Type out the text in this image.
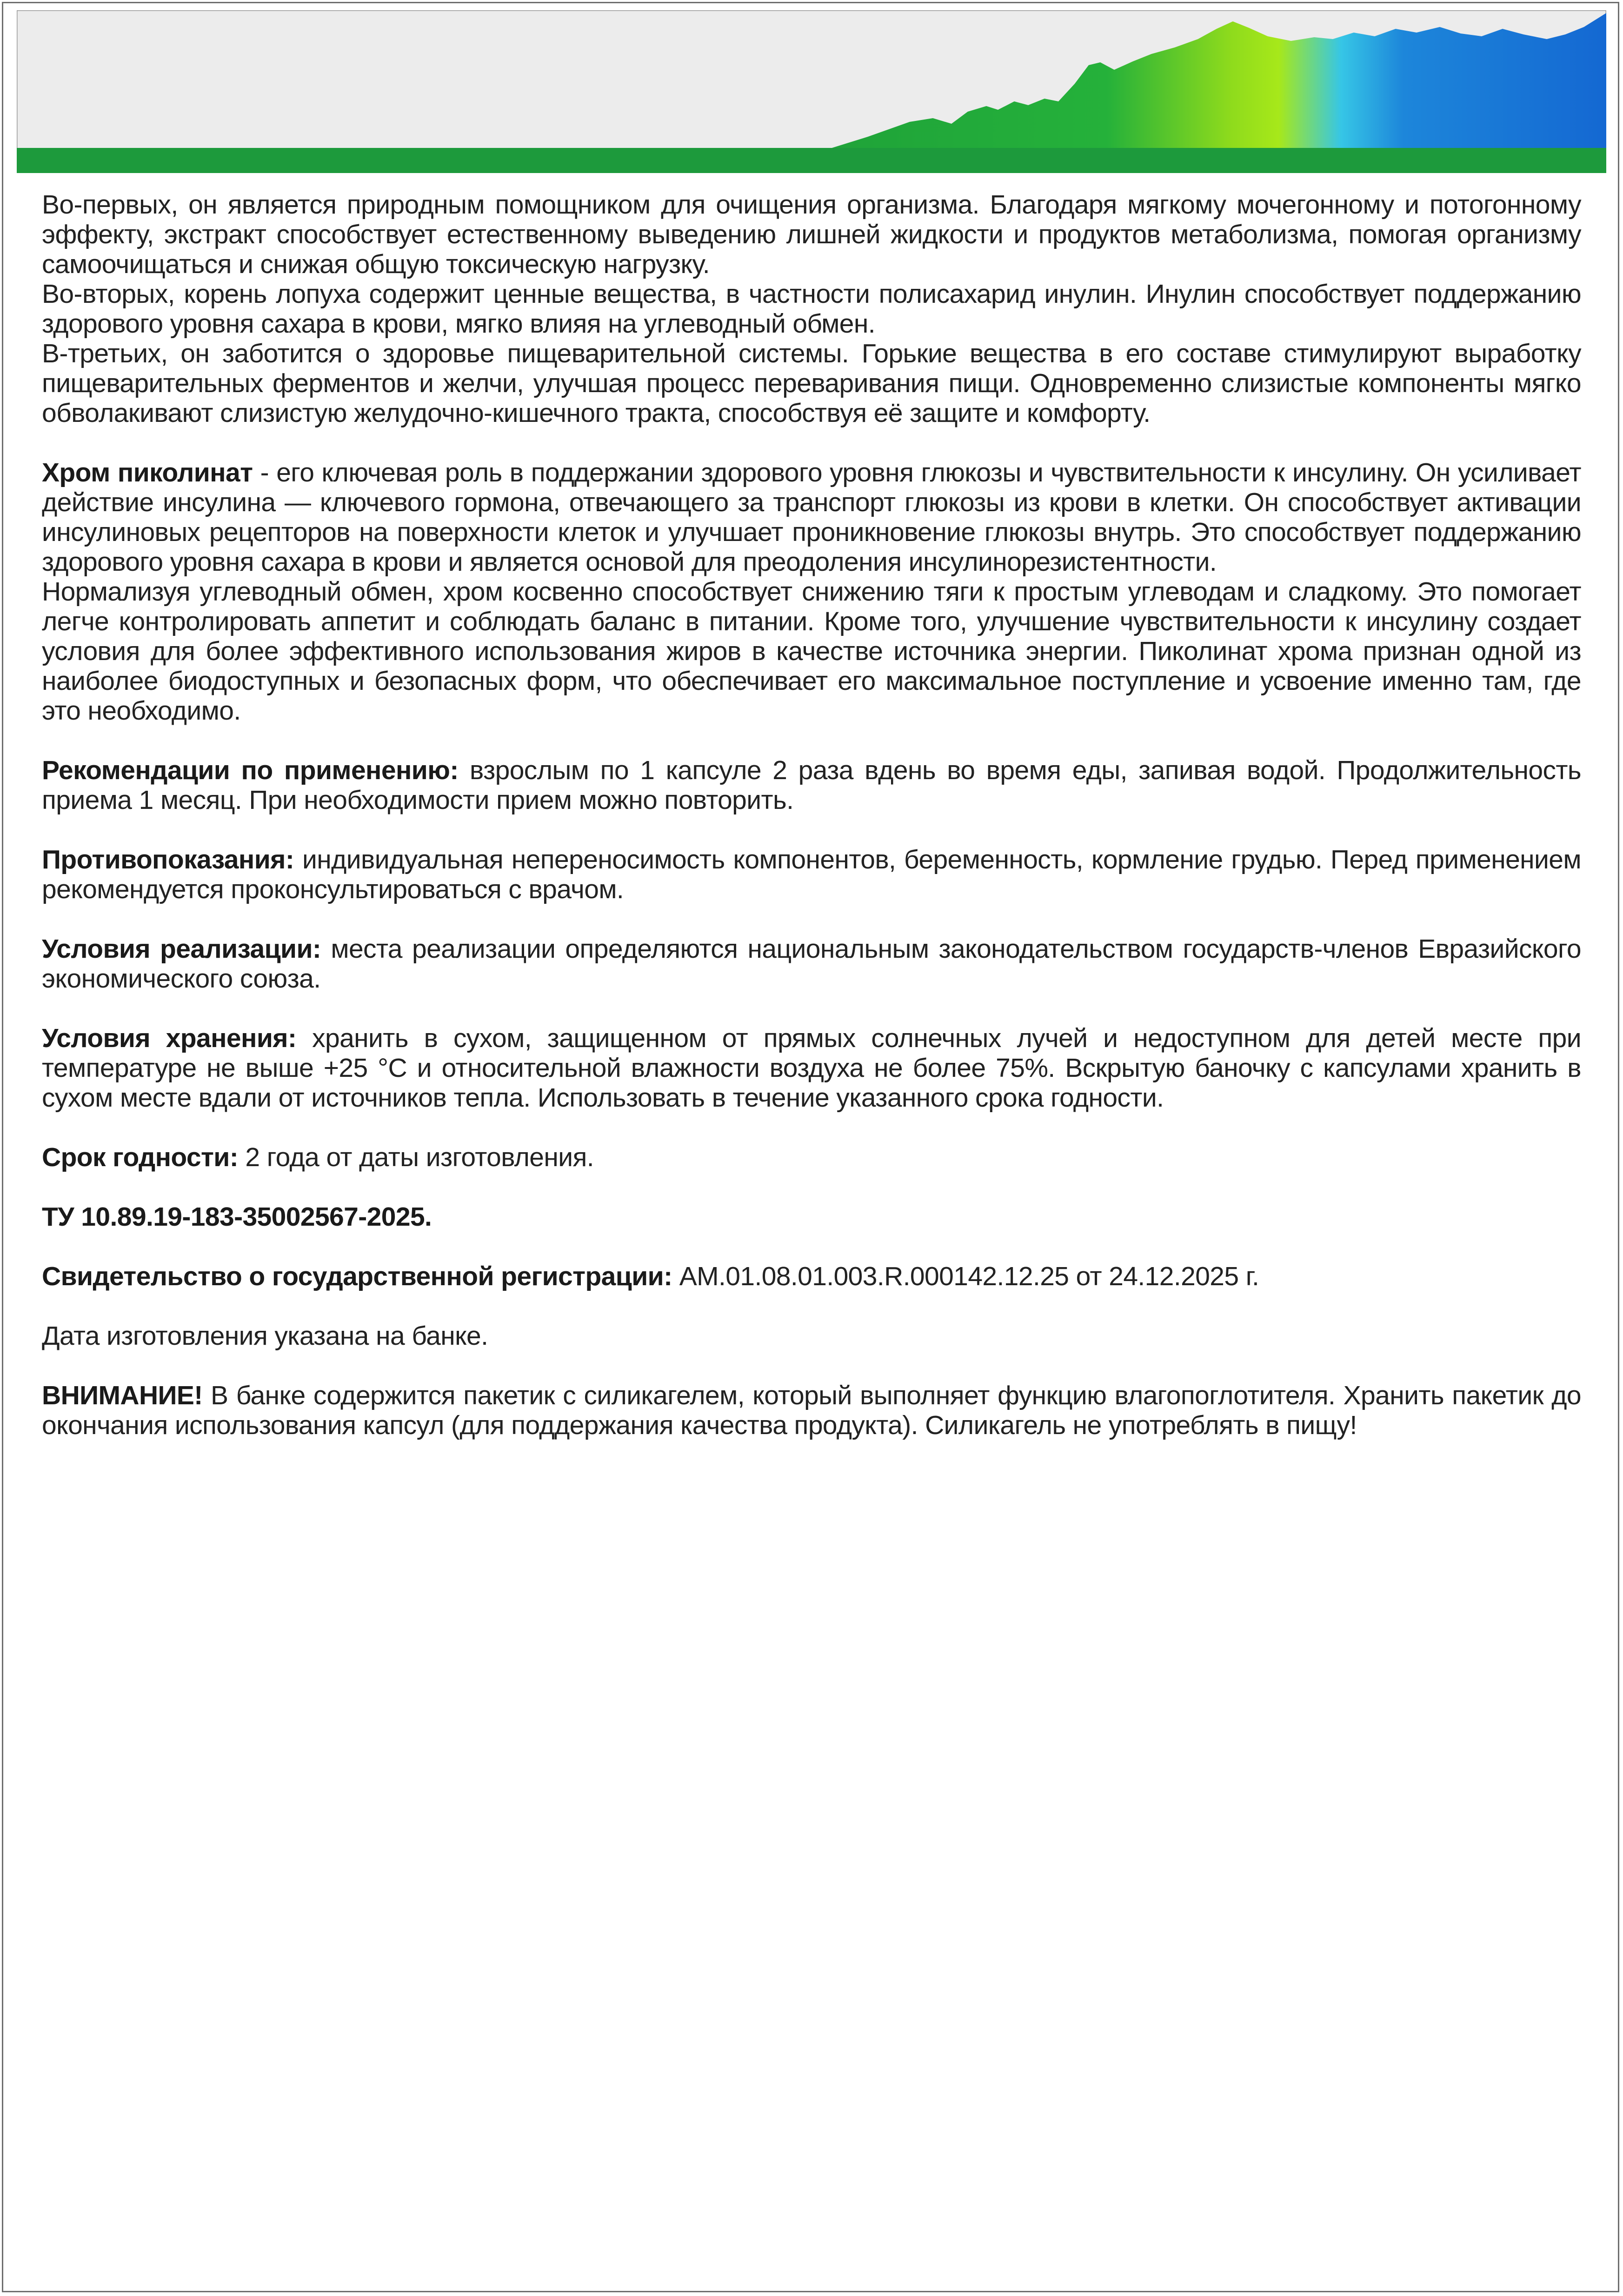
Во-первых, он является природным помощником для очищения организма. Благодаря мягкому мочегонному и потогонному эффекту, экстракт способствует естественному выведению лишней жидкости и продуктов метаболизма, помогая организму самоочищаться и снижая общую токсическую нагрузку.

Во-вторых, корень лопуха содержит ценные вещества, в частности полисахарид инулин. Инулин способствует поддержанию здорового уровня сахара в крови, мягко влияя на углеводный обмен.

В-третьих, он заботится о здоровье пищеварительной системы. Горькие вещества в его составе стимулируют выработку пищеварительных ферментов и желчи, улучшая процесс переваривания пищи. Одновременно слизистые компоненты мягко обволакивают слизистую желудочно-кишечного тракта, способствуя её защите и комфорту.

Хром пиколинат - его ключевая роль в поддержании здорового уровня глюкозы и чувствительности к инсулину. Он усиливает действие инсулина — ключевого гормона, отвечающего за транспорт глюкозы из крови в клетки. Он способствует активации инсулиновых рецепторов на поверхности клеток и улучшает проникновение глюкозы внутрь. Это способствует поддержанию здорового уровня сахара в крови и является основой для преодоления инсулинорезистентности.

Нормализуя углеводный обмен, хром косвенно способствует снижению тяги к простым углеводам и сладкому. Это помогает легче контролировать аппетит и соблюдать баланс в питании. Кроме того, улучшение чувствительности к инсулину создает условия для более эффективного использования жиров в качестве источника энергии. Пиколинат хрома признан одной из наиболее биодоступных и безопасных форм, что обеспечивает его максимальное поступление и усвоение именно там, где это необходимо.

Рекомендации по применению: взрослым по 1 капсуле 2 раза вдень во время еды, запивая водой. Продолжительность приема 1 месяц. При необходимости прием можно повторить.

Противопоказания: индивидуальная непереносимость компонентов, беременность, кормление грудью. Перед применением рекомендуется проконсультироваться с врачом.

Условия реализации: места реализации определяются национальным законодательством государств-членов Евразийского экономического союза.

Условия хранения: хранить в сухом, защищенном от прямых солнечных лучей и недоступном для детей месте при температуре не выше +25 °С и относительной влажности воздуха не более 75%. Вскрытую баночку с капсулами хранить в сухом месте вдали от источников тепла. Использовать в течение указанного срока годности.

Срок годности: 2 года от даты изготовления.

ТУ 10.89.19-183-35002567-2025.

Свидетельство о государственной регистрации: AM.01.08.01.003.R.000142.12.25 от 24.12.2025 г.

Дата изготовления указана на банке.

ВНИМАНИЕ! В банке содержится пакетик с силикагелем, который выполняет функцию влагопоглотителя. Хранить пакетик до окончания использования капсул (для поддержания качества продукта). Силикагель не употреблять в пищу!
